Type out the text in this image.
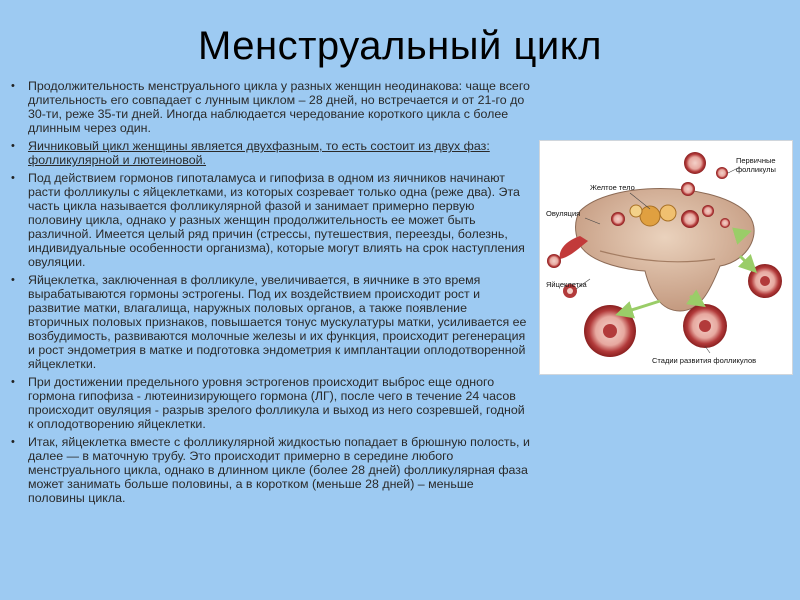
Менструальный цикл

• Продолжительность менструального цикла у разных женщин неодинакова: чаще всего длительность его совпадает с лунным циклом – 28 дней, но встречается и от 21-го до 30-ти, реже 35-ти дней. Иногда наблюдается чередование короткого цикла с более длинным через один.

• Яичниковый цикл женщины является двухфазным, то есть состоит из двух фаз: фолликулярной и лютеиновой.

• Под действием гормонов гипоталамуса и гипофиза в одном из яичников начинают расти фолликулы с яйцеклетками, из которых созревает только одна (реже два). Эта часть цикла называется фолликулярной фазой и занимает примерно первую половину цикла, однако у разных женщин продолжительность ее может быть различной. Имеется целый ряд причин (стрессы, путешествия, переезды, болезнь, индивидуальные особенности организма), которые могут влиять на срок наступления овуляции.

• Яйцеклетка, заключенная в фолликуле, увеличивается, в яичнике в это время вырабатываются гормоны эстрогены. Под их воздействием происходит рост и развитие матки, влагалища, наружных половых органов, а также появление вторичных половых признаков, повышается тонус мускулатуры матки, усиливается ее возбудимость, развиваются молочные железы и их функция, происходит регенерация и рост эндометрия в матке и подготовка эндометрия к имплантации оплодотворенной яйцеклетки.

• При достижении предельного уровня эстрогенов происходит выброс еще одного гормона гипофиза - лютеинизирующего гормона (ЛГ), после чего в течение 24 часов происходит овуляция - разрыв зрелого фолликула и выход из него созревшей, годной к оплодотворению яйцеклетки.

• Итак, яйцеклетка вместе с фолликулярной жидкостью попадает в брюшную полость, и далее — в маточную трубу. Это происходит примерно в середине любого менструального цикла, однако в длинном цикле (более 28 дней) фолликулярная фаза может занимать больше половины, а в коротком (меньше 28 дней) – меньше половины цикла.

Первичные
фолликулы
Желтое тело
Овуляция
Яйцеклетка
Стадии развития фолликулов
